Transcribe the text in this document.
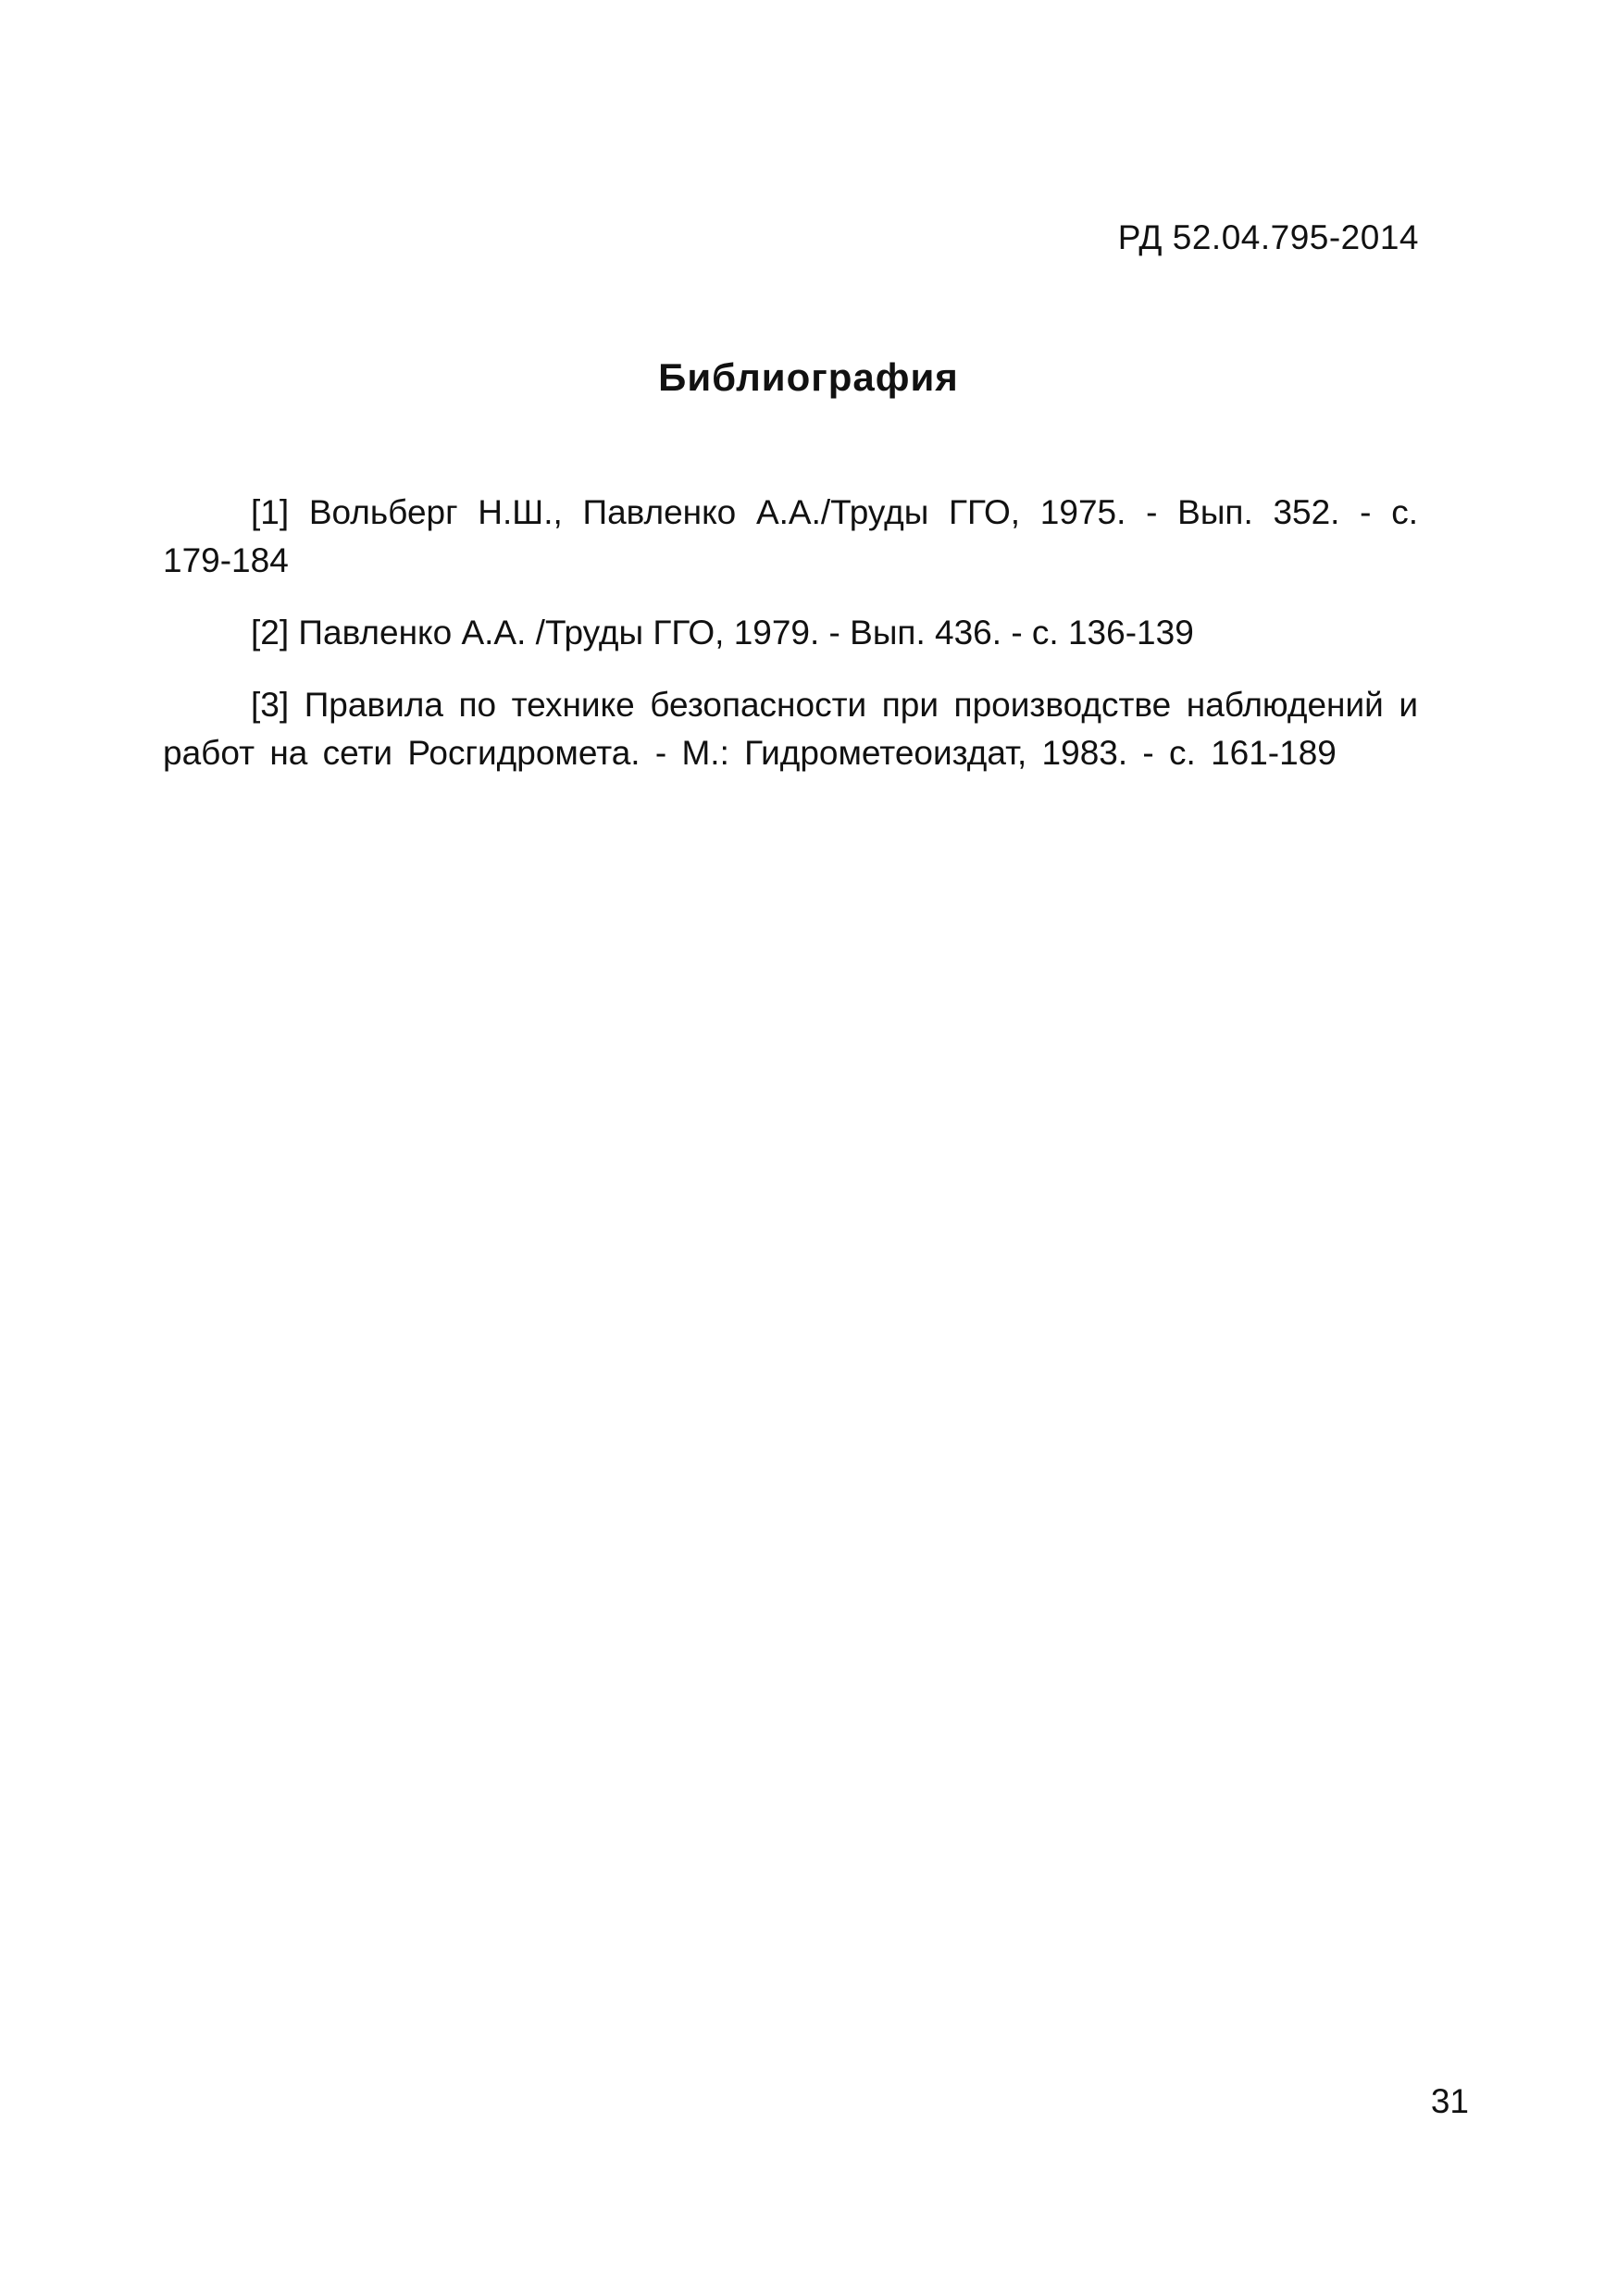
РД 52.04.795-2014
Библиография

[1] Вольберг Н.Ш., Павленко А.А./Труды ГГО, 1975. - Вып. 352. - с. 179-184

[2] Павленко А.А. /Труды ГГО, 1979. - Вып. 436. - с. 136-139

[3] Правила по технике безопасности при производстве наблюдений и работ на сети Росгидромета. - М.: Гидрометеоиздат, 1983. - с. 161-189

31
